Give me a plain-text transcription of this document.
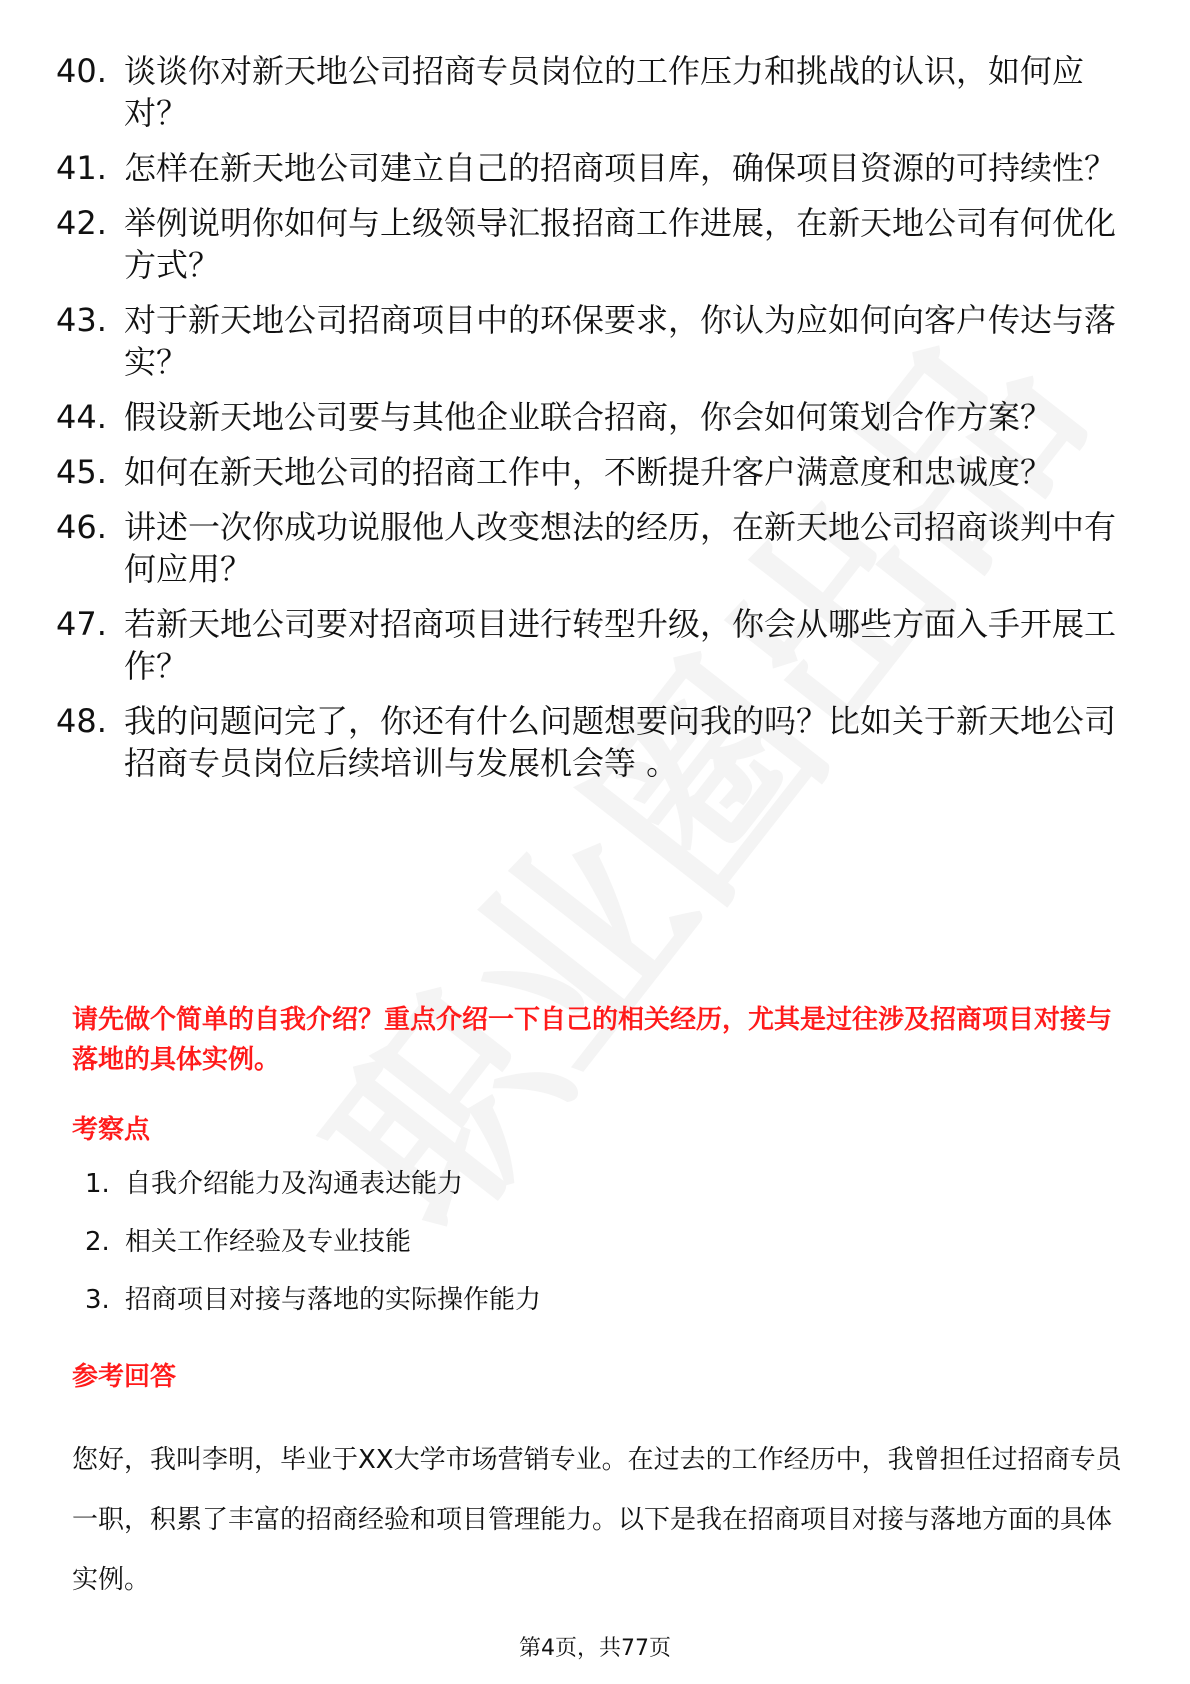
40. 谈谈你对新天地公司招商专员岗位的工作压力和挑战的认识，如何应对？
41. 怎样在新天地公司建立自己的招商项目库，确保项目资源的可持续性？
42. 举例说明你如何与上级领导汇报招商工作进展，在新天地公司有何优化方式？
43. 对于新天地公司招商项目中的环保要求，你认为应如何向客户传达与落实？
44. 假设新天地公司要与其他企业联合招商，你会如何策划合作方案？
45. 如何在新天地公司的招商工作中，不断提升客户满意度和忠诚度？
46. 讲述一次你成功说服他人改变想法的经历，在新天地公司招商谈判中有何应用？
47. 若新天地公司要对招商项目进行转型升级，你会从哪些方面入手开展工作？
48. 我的问题问完了，你还有什么问题想要问我的吗？比如关于新天地公司招商专员岗位后续培训与发展机会等 。
请先做个简单的自我介绍？重点介绍一下自己的相关经历，尤其是过往涉及招商项目对接与落地的具体实例。
考察点
1. 自我介绍能力及沟通表达能力
2. 相关工作经验及专业技能
3. 招商项目对接与落地的实际操作能力
参考回答
您好，我叫李明，毕业于XX大学市场营销专业。在过去的工作经历中，我曾担任过招商专员一职，积累了丰富的招商经验和项目管理能力。以下是我在招商项目对接与落地方面的具体实例。
第4页，共77页
